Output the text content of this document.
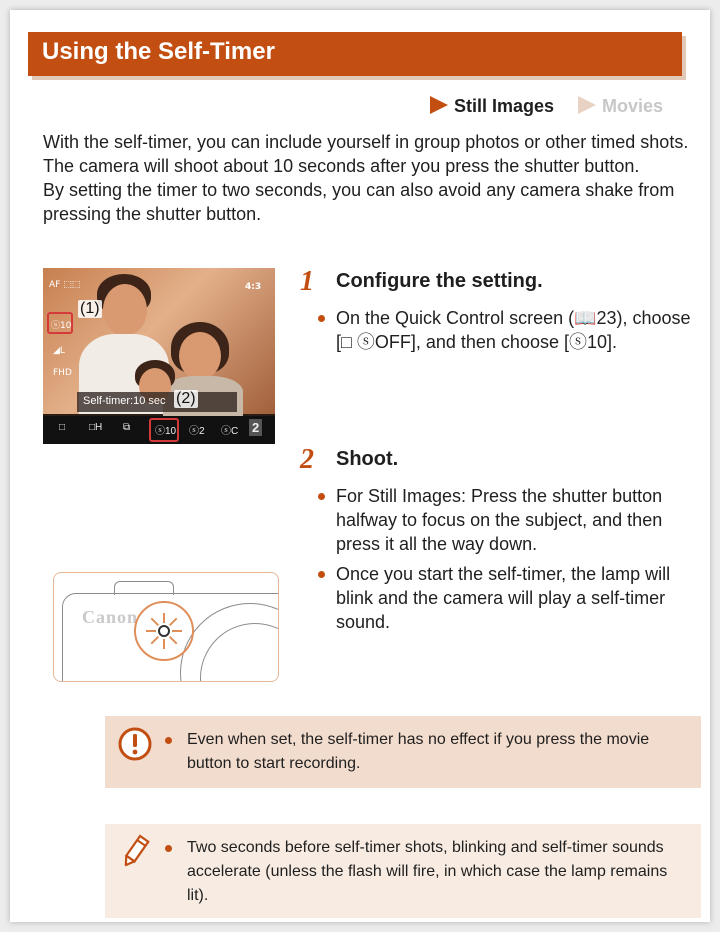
Using the Self-Timer
Still Images	Movies

With the self-timer, you can include yourself in group photos or other timed shots. The camera will shoot about 10 seconds after you press the shutter button.

By setting the timer to two seconds, you can also avoid any camera shake from pressing the shutter button.

AF ⬚⬚	4:3
ⓢ10
◢L
FHD
Self-timer:10 sec
□ □H ⧉ ⓢ10 ⓢ2 ⓢC 2
(1)
(2)
1 Configure the setting.
On the Quick Control screen (📖23), choose [□ ⓢOFF], and then choose [ⓢ10].
2 Shoot.
For Still Images: Press the shutter button halfway to focus on the subject, and then press it all the way down.
Once you start the self-timer, the lamp will blink and the camera will play a self-timer sound.
Canon
Even when set, the self-timer has no effect if you press the movie button to start recording.
Two seconds before self-timer shots, blinking and self-timer sounds accelerate (unless the flash will fire, in which case the lamp remains lit).
